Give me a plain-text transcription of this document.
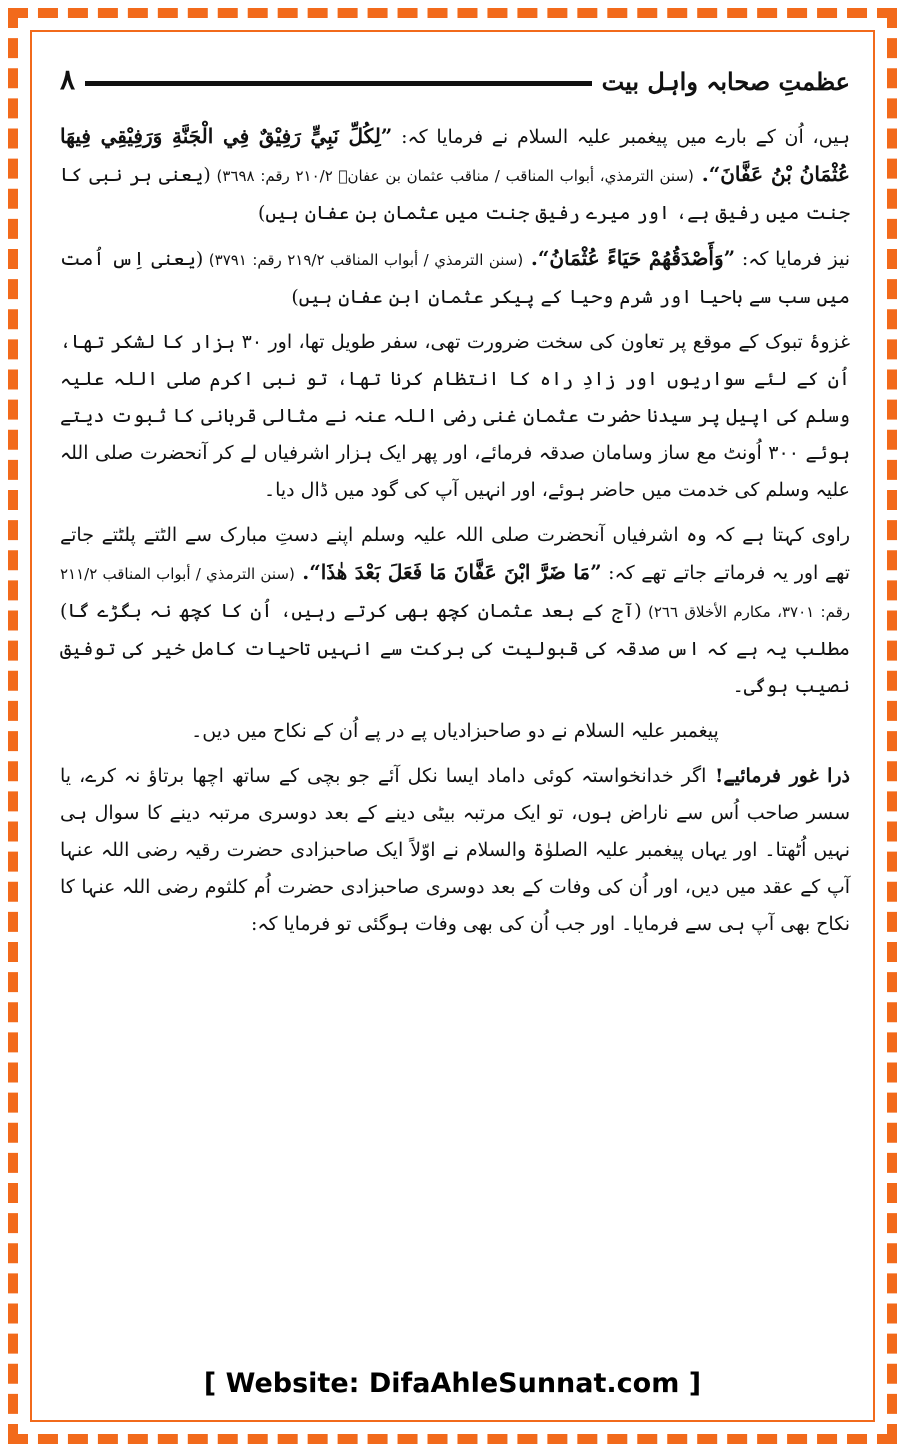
عظمتِ صحابہ واہل بیت
٨

ہیں، اُن کے بارے میں پیغمبر علیہ السلام نے فرمایا کہ: ”لِكُلِّ نَبِيٍّ رَفِيْقٌ فِي الْجَنَّةِ وَرَفِيْقِي فِيهَا عُثْمَانُ بْنُ عَفَّانَ“. (سنن الترمذي، أبواب المناقب / مناقب عثمان بن عفانؓ ٢١٠/٢ رقم: ٣٦٩٨) (یعنی ہر نبی کا جنت میں رفیق ہے، اور میرے رفیق جنت میں عثمان بن عفان ہیں)

نیز فرمایا کہ: ”وَأَصْدَقُهُمْ حَيَاءً عُثْمَانُ“. (سنن الترمذي / أبواب المناقب ٢١٩/٢ رقم: ٣٧٩١) (یعنی اِس اُمت میں سب سے باحیا اور شرم وحیا کے پیکر عثمان ابن عفان ہیں)

غزوۂ تبوک کے موقع پر تعاون کی سخت ضرورت تھی، سفر طویل تھا، اور ٣٠ ہزار کا لشکر تھا، اُن کے لئے سواریوں اور زادِ راہ کا انتظام کرنا تھا، تو نبی اکرم صلی اللہ علیہ وسلم کی اپیل پر سیدنا حضرت عثمان غنی رضی اللہ عنہ نے مثالی قربانی کا ثبوت دیتے ہوئے ٣٠٠ اُونٹ مع ساز وسامان صدقہ فرمائے، اور پھر ایک ہزار اشرفیاں لے کر آنحضرت صلی اللہ علیہ وسلم کی خدمت میں حاضر ہوئے، اور انہیں آپ کی گود میں ڈال دیا۔

راوی کہتا ہے کہ وہ اشرفیاں آنحضرت صلی اللہ علیہ وسلم اپنے دستِ مبارک سے الٹتے پلٹتے جاتے تھے اور یہ فرماتے جاتے تھے کہ: ”مَا ضَرَّ ابْنَ عَفَّانَ مَا فَعَلَ بَعْدَ هٰذَا“. (سنن الترمذي / أبواب المناقب ٢١١/٢ رقم: ٣٧٠١، مكارم الأخلاق ٢٦٦) (آج کے بعد عثمان کچھ بھی کرتے رہیں، اُن کا کچھ نہ بگڑے گا) مطلب یہ ہے کہ اس صدقہ کی قبولیت کی برکت سے انہیں تاحیات کامل خیر کی توفیق نصیب ہوگی۔

پیغمبر علیہ السلام نے دو صاحبزادیاں پے در پے اُن کے نکاح میں دیں۔

ذرا غور فرمائیے! اگر خدانخواستہ کوئی داماد ایسا نکل آئے جو بچی کے ساتھ اچھا برتاؤ نہ کرے، یا سسر صاحب اُس سے ناراض ہوں، تو ایک مرتبہ بیٹی دینے کے بعد دوسری مرتبہ دینے کا سوال ہی نہیں اُٹھتا۔ اور یہاں پیغمبر علیہ الصلوٰۃ والسلام نے اوّلاً ایک صاحبزادی حضرت رقیہ رضی اللہ عنہا آپ کے عقد میں دیں، اور اُن کی وفات کے بعد دوسری صاحبزادی حضرت اُم کلثوم رضی اللہ عنہا کا نکاح بھی آپ ہی سے فرمایا۔ اور جب اُن کی بھی وفات ہوگئی تو فرمایا کہ:

[ Website: DifaAhleSunnat.com ]
